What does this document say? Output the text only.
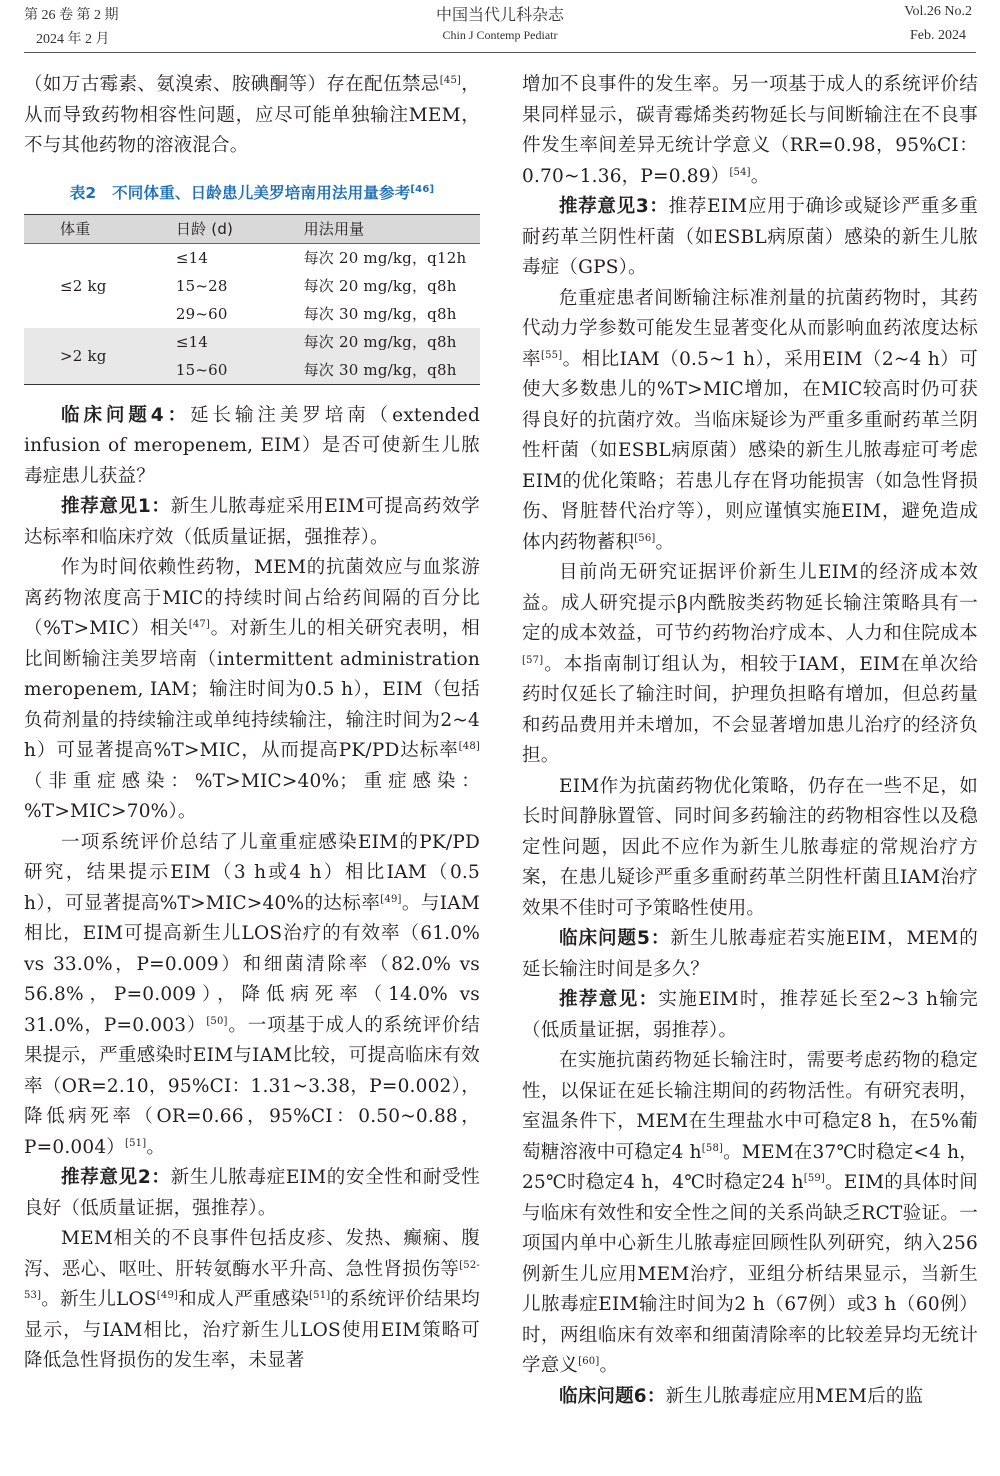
第 26 卷 第 2 期
2024 年 2 月
中国当代儿科杂志
Chin J Contemp Pediatr
Vol.26 No.2
Feb. 2024

（如万古霉素、氨溴索、胺碘酮等）存在配伍禁忌[45]，从而导致药物相容性问题，应尽可能单独输注MEM，不与其他药物的溶液混合。

表2　不同体重、日龄患儿美罗培南用法用量参考[46]
体重	日龄 (d)	用法用量
≤2 kg	≤14	每次 20 mg/kg，q12h
	15~28	每次 20 mg/kg，q8h
	29~60	每次 30 mg/kg，q8h
>2 kg	≤14	每次 20 mg/kg，q8h
	15~60	每次 30 mg/kg，q8h

临床问题4：延长输注美罗培南（extended infusion of meropenem, EIM）是否可使新生儿脓毒症患儿获益？

推荐意见1：新生儿脓毒症采用EIM可提高药效学达标率和临床疗效（低质量证据，强推荐）。

作为时间依赖性药物，MEM的抗菌效应与血浆游离药物浓度高于MIC的持续时间占给药间隔的百分比（%T>MIC）相关[47]。对新生儿的相关研究表明，相比间断输注美罗培南（intermittent administration meropenem, IAM；输注时间为0.5 h），EIM（包括负荷剂量的持续输注或单纯持续输注，输注时间为2~4 h）可显著提高%T>MIC，从而提高PK/PD达标率[48]（非重症感染：%T>MIC>40%；重症感染：%T>MIC>70%）。

一项系统评价总结了儿童重症感染EIM的PK/PD研究，结果提示EIM（3 h或4 h）相比IAM（0.5 h），可显著提高%T>MIC>40%的达标率[49]。与IAM相比，EIM可提高新生儿LOS治疗的有效率（61.0% vs 33.0%，P=0.009）和细菌清除率（82.0% vs 56.8%，P=0.009），降低病死率（14.0% vs 31.0%，P=0.003）[50]。一项基于成人的系统评价结果提示，严重感染时EIM与IAM比较，可提高临床有效率（OR=2.10，95%CI：1.31~3.38，P=0.002），降低病死率（OR=0.66，95%CI：0.50~0.88，P=0.004）[51]。

推荐意见2：新生儿脓毒症EIM的安全性和耐受性良好（低质量证据，强推荐）。

MEM相关的不良事件包括皮疹、发热、癫痫、腹泻、恶心、呕吐、肝转氨酶水平升高、急性肾损伤等[52-53]。新生儿LOS[49]和成人严重感染[51]的系统评价结果均显示，与IAM相比，治疗新生儿LOS使用EIM策略可降低急性肾损伤的发生率，未显著

增加不良事件的发生率。另一项基于成人的系统评价结果同样显示，碳青霉烯类药物延长与间断输注在不良事件发生率间差异无统计学意义（RR=0.98，95%CI：0.70~1.36，P=0.89）[54]。

推荐意见3：推荐EIM应用于确诊或疑诊严重多重耐药革兰阴性杆菌（如ESBL病原菌）感染的新生儿脓毒症（GPS）。

危重症患者间断输注标准剂量的抗菌药物时，其药代动力学参数可能发生显著变化从而影响血药浓度达标率[55]。相比IAM（0.5~1 h），采用EIM（2~4 h）可使大多数患儿的%T>MIC增加，在MIC较高时仍可获得良好的抗菌疗效。当临床疑诊为严重多重耐药革兰阴性杆菌（如ESBL病原菌）感染的新生儿脓毒症可考虑EIM的优化策略；若患儿存在肾功能损害（如急性肾损伤、肾脏替代治疗等），则应谨慎实施EIM，避免造成体内药物蓄积[56]。

目前尚无研究证据评价新生儿EIM的经济成本效益。成人研究提示β内酰胺类药物延长输注策略具有一定的成本效益，可节约药物治疗成本、人力和住院成本[57]。本指南制订组认为，相较于IAM，EIM在单次给药时仅延长了输注时间，护理负担略有增加，但总药量和药品费用并未增加，不会显著增加患儿治疗的经济负担。

EIM作为抗菌药物优化策略，仍存在一些不足，如长时间静脉置管、同时间多药输注的药物相容性以及稳定性问题，因此不应作为新生儿脓毒症的常规治疗方案，在患儿疑诊严重多重耐药革兰阴性杆菌且IAM治疗效果不佳时可予策略性使用。

临床问题5：新生儿脓毒症若实施EIM，MEM的延长输注时间是多久？

推荐意见：实施EIM时，推荐延长至2~3 h输完（低质量证据，弱推荐）。

在实施抗菌药物延长输注时，需要考虑药物的稳定性，以保证在延长输注期间的药物活性。有研究表明，室温条件下，MEM在生理盐水中可稳定8 h，在5%葡萄糖溶液中可稳定4 h[58]。MEM在37℃时稳定<4 h，25℃时稳定4 h，4℃时稳定24 h[59]。EIM的具体时间与临床有效性和安全性之间的关系尚缺乏RCT验证。一项国内单中心新生儿脓毒症回顾性队列研究，纳入256例新生儿应用MEM治疗，亚组分析结果显示，当新生儿脓毒症EIM输注时间为2 h（67例）或3 h（60例）时，两组临床有效率和细菌清除率的比较差异均无统计学意义[60]。

临床问题6：新生儿脓毒症应用MEM后的监
